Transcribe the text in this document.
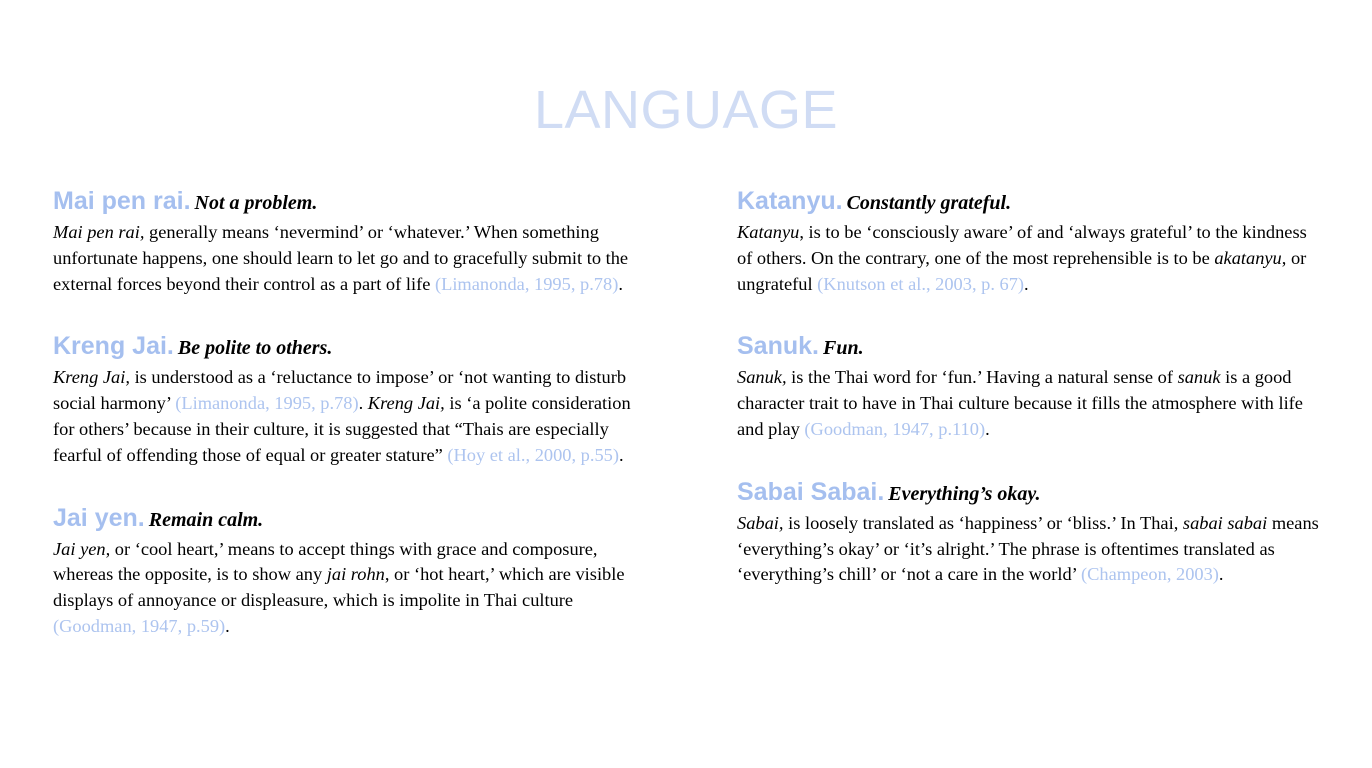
LANGUAGE

Mai pen rai. Not a problem.

Mai pen rai, generally means ‘nevermind’ or ‘whatever.’ When something unfortunate happens, one should learn to let go and to gracefully submit to the external forces beyond their control as a part of life (Limanonda, 1995, p.78).

Kreng Jai. Be polite to others.

Kreng Jai, is understood as a ‘reluctance to impose’ or ‘not wanting to disturb social harmony’ (Limanonda, 1995, p.78). Kreng Jai, is ‘a polite consideration for others’ because in their culture, it is suggested that “Thais are especially fearful of offending those of equal or greater stature” (Hoy et al., 2000, p.55).

Jai yen. Remain calm.

Jai yen, or ‘cool heart,’ means to accept things with grace and composure, whereas the opposite, is to show any jai rohn, or ‘hot heart,’ which are visible displays of annoyance or displeasure, which is impolite in Thai culture (Goodman, 1947, p.59).

Katanyu. Constantly grateful.

Katanyu, is to be ‘consciously aware’ of and ‘always grateful’ to the kindness of others. On the contrary, one of the most reprehensible is to be akatanyu, or ungrateful (Knutson et al., 2003, p. 67).

Sanuk. Fun.

Sanuk, is the Thai word for ‘fun.’ Having a natural sense of sanuk is a good character trait to have in Thai culture because it fills the atmosphere with life and play (Goodman, 1947, p.110).

Sabai Sabai. Everything’s okay.

Sabai, is loosely translated as ‘happiness’ or ‘bliss.’ In Thai, sabai sabai means ‘everything’s okay’ or ‘it’s alright.’ The phrase is oftentimes translated as ‘everything’s chill’ or ‘not a care in the world’ (Champeon, 2003).
